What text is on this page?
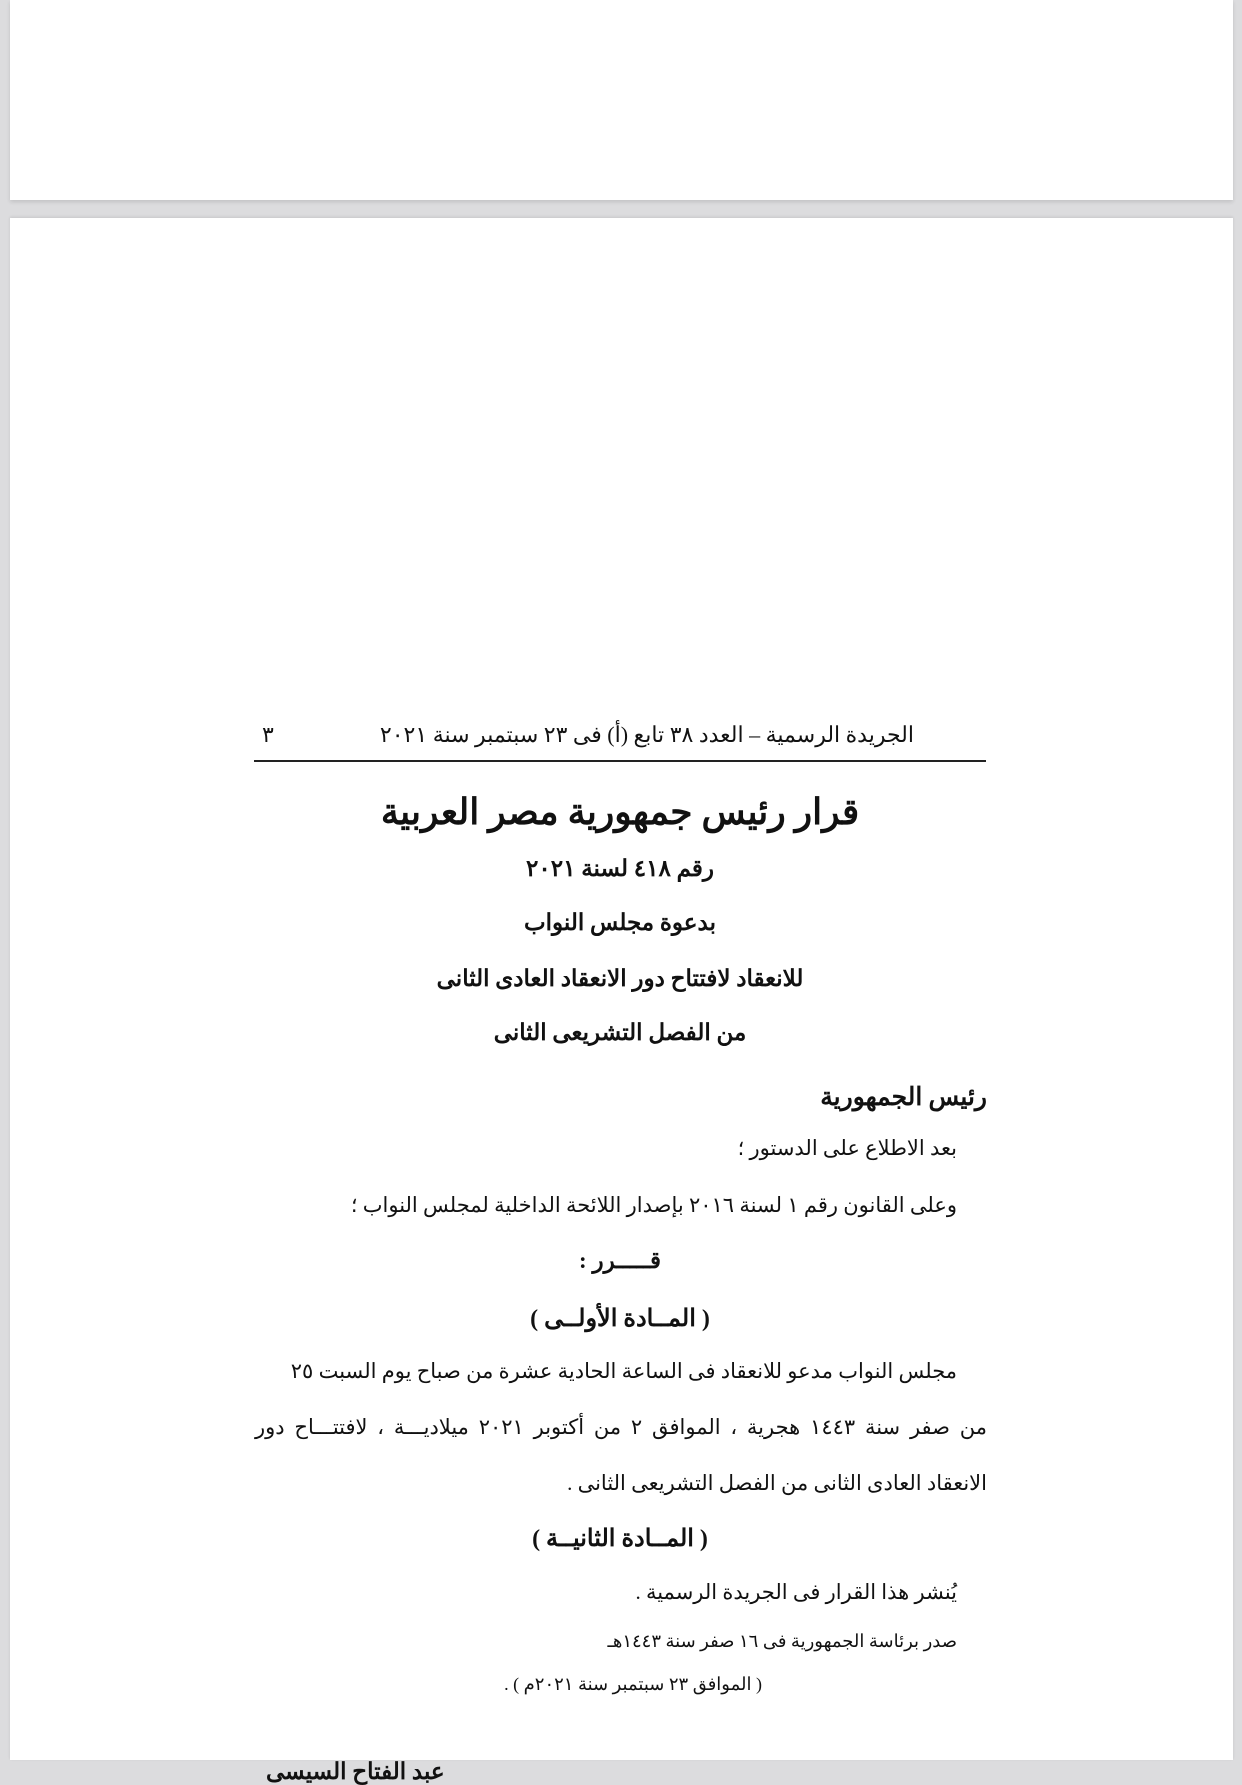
الجريدة الرسمية – العدد ٣٨ تابع (أ) فى ٢٣ سبتمبر سنة ٢٠٢١
٣
قرار رئيس جمهورية مصر العربية
رقم ٤١٨ لسنة ٢٠٢١
بدعوة مجلس النواب
للانعقاد لافتتاح دور الانعقاد العادى الثانى
من الفصل التشريعى الثانى
رئيس الجمهورية
بعد الاطلاع على الدستور ؛
وعلى القانون رقم ١ لسنة ٢٠١٦ بإصدار اللائحة الداخلية لمجلس النواب ؛
قـــــرر :
( المــادة الأولــى )
مجلس النواب مدعو للانعقاد فى الساعة الحادية عشرة من صباح يوم السبت ٢٥
من صفر سنة ١٤٤٣ هجرية ، الموافق ٢ من أكتوبر ٢٠٢١ ميلاديـــة ، لافتتـــاح دور
الانعقاد العادى الثانى من الفصل التشريعى الثانى .
( المــادة الثانيــة )
يُنشر هذا القرار فى الجريدة الرسمية .
صدر برئاسة الجمهورية فى ١٦ صفر سنة ١٤٤٣هـ
( الموافق ٢٣ سبتمبر سنة ٢٠٢١م ) .
عبد الفتاح السيسى
